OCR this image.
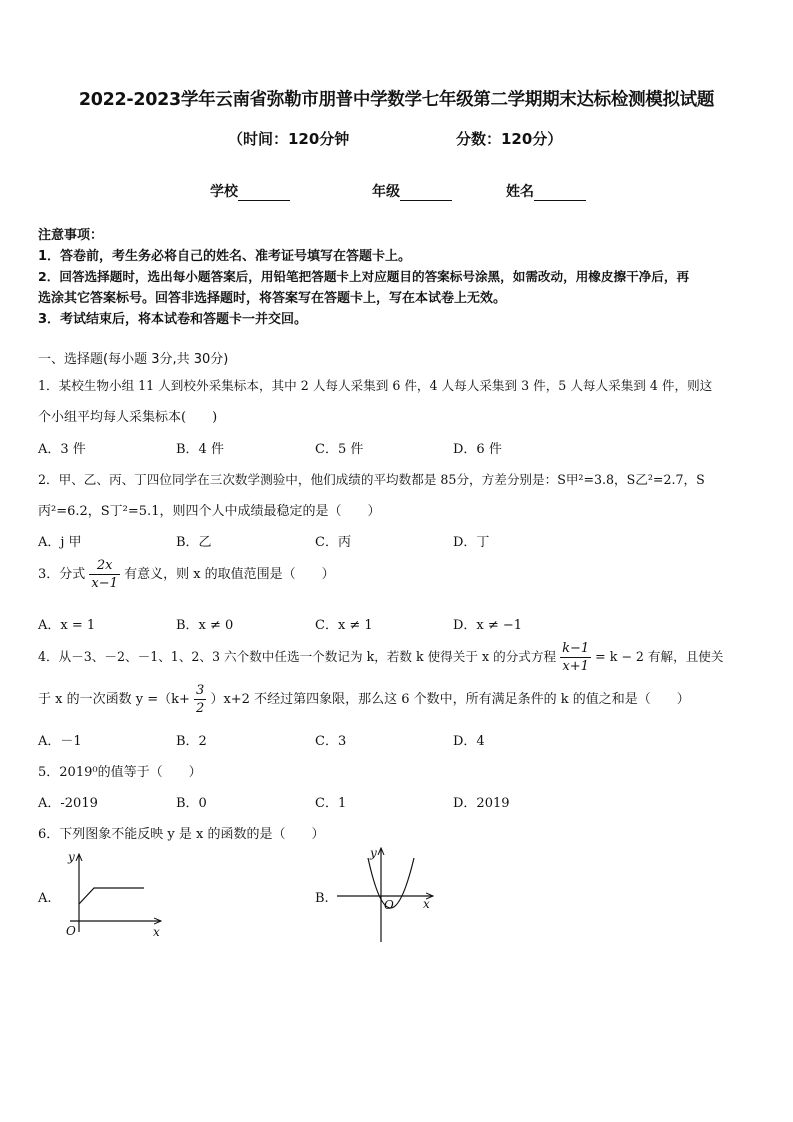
2022-2023学年云南省弥勒市朋普中学数学七年级第二学期期末达标检测模拟试题
（时间：120分钟	分数：120分）
学校	年级	姓名
注意事项：
1．答卷前，考生务必将自己的姓名、准考证号填写在答题卡上。
2．回答选择题时，选出每小题答案后，用铅笔把答题卡上对应题目的答案标号涂黑，如需改动，用橡皮擦干净后，再
选涂其它答案标号。回答非选择题时，将答案写在答题卡上，写在本试卷上无效。
3．考试结束后，将本试卷和答题卡一并交回。
一、选择题(每小题 3分,共 30分)
1．某校生物小组 11 人到校外采集标本，其中 2 人每人采集到 6 件，4 人每人采集到 3 件，5 人每人采集到 4 件，则这
个小组平均每人采集标本(　　)
A．3 件	B．4 件	C．5 件	D．6 件
2．甲、乙、丙、丁四位同学在三次数学测验中，他们成绩的平均数都是 85分，方差分别是：S甲²=3.8，S乙²=2.7，S
丙²=6.2，S丁²=5.1，则四个人中成绩最稳定的是（　　）
A．j 甲	B．乙	C．丙	D．丁
3．分式 $\frac{2x}{x-1}$ 有意义，则 x 的取值范围是（　　）
A．x = 1	B．x ≠ 0	C．x ≠ 1	D．x ≠ −1
4．从－3、－2、－1、1、2、3 六个数中任选一个数记为 k，若数 k 使得关于 x 的分式方程 $\frac{k-1}{x+1} = k - 2$ 有解，且使关
于 x 的一次函数 $y =(k+ \frac{3}{2} )x+2$ 不经过第四象限，那么这 6 个数中，所有满足条件的 k 的值之和是（　　）
A．－1	B．2	C．3	D．4
5．2019⁰的值等于（　　）
A．-2019	B．0	C．1	D．2019
6．下列图象不能反映 y 是 x 的函数的是（　　）
A.
y
x
O
B.
y
x
O
